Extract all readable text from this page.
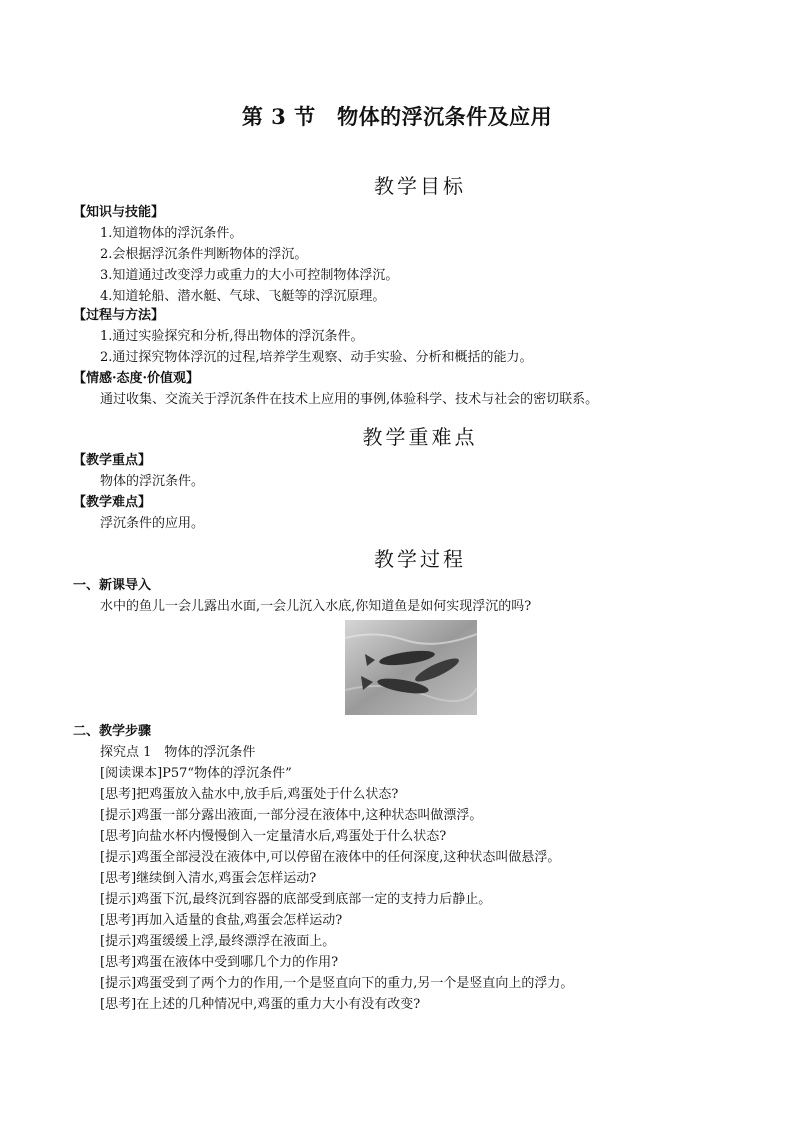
第 3 节　物体的浮沉条件及应用
教学目标
【知识与技能】
1.知道物体的浮沉条件。
2.会根据浮沉条件判断物体的浮沉。
3.知道通过改变浮力或重力的大小可控制物体浮沉。
4.知道轮船、潜水艇、气球、飞艇等的浮沉原理。
【过程与方法】
1.通过实验探究和分析,得出物体的浮沉条件。
2.通过探究物体浮沉的过程,培养学生观察、动手实验、分析和概括的能力。
【情感·态度·价值观】
通过收集、交流关于浮沉条件在技术上应用的事例,体验科学、技术与社会的密切联系。
教学重难点
【教学重点】
物体的浮沉条件。
【教学难点】
浮沉条件的应用。
教学过程
一、新课导入
水中的鱼儿一会儿露出水面,一会儿沉入水底,你知道鱼是如何实现浮沉的吗?
二、教学步骤
探究点 1　物体的浮沉条件
[阅读课本]P57“物体的浮沉条件”
[思考]把鸡蛋放入盐水中,放手后,鸡蛋处于什么状态?
[提示]鸡蛋一部分露出液面,一部分浸在液体中,这种状态叫做漂浮。
[思考]向盐水杯内慢慢倒入一定量清水后,鸡蛋处于什么状态?
[提示]鸡蛋全部浸没在液体中,可以停留在液体中的任何深度,这种状态叫做悬浮。
[思考]继续倒入清水,鸡蛋会怎样运动?
[提示]鸡蛋下沉,最终沉到容器的底部受到底部一定的支持力后静止。
[思考]再加入适量的食盐,鸡蛋会怎样运动?
[提示]鸡蛋缓缓上浮,最终漂浮在液面上。
[思考]鸡蛋在液体中受到哪几个力的作用?
[提示]鸡蛋受到了两个力的作用,一个是竖直向下的重力,另一个是竖直向上的浮力。
[思考]在上述的几种情况中,鸡蛋的重力大小有没有改变?
